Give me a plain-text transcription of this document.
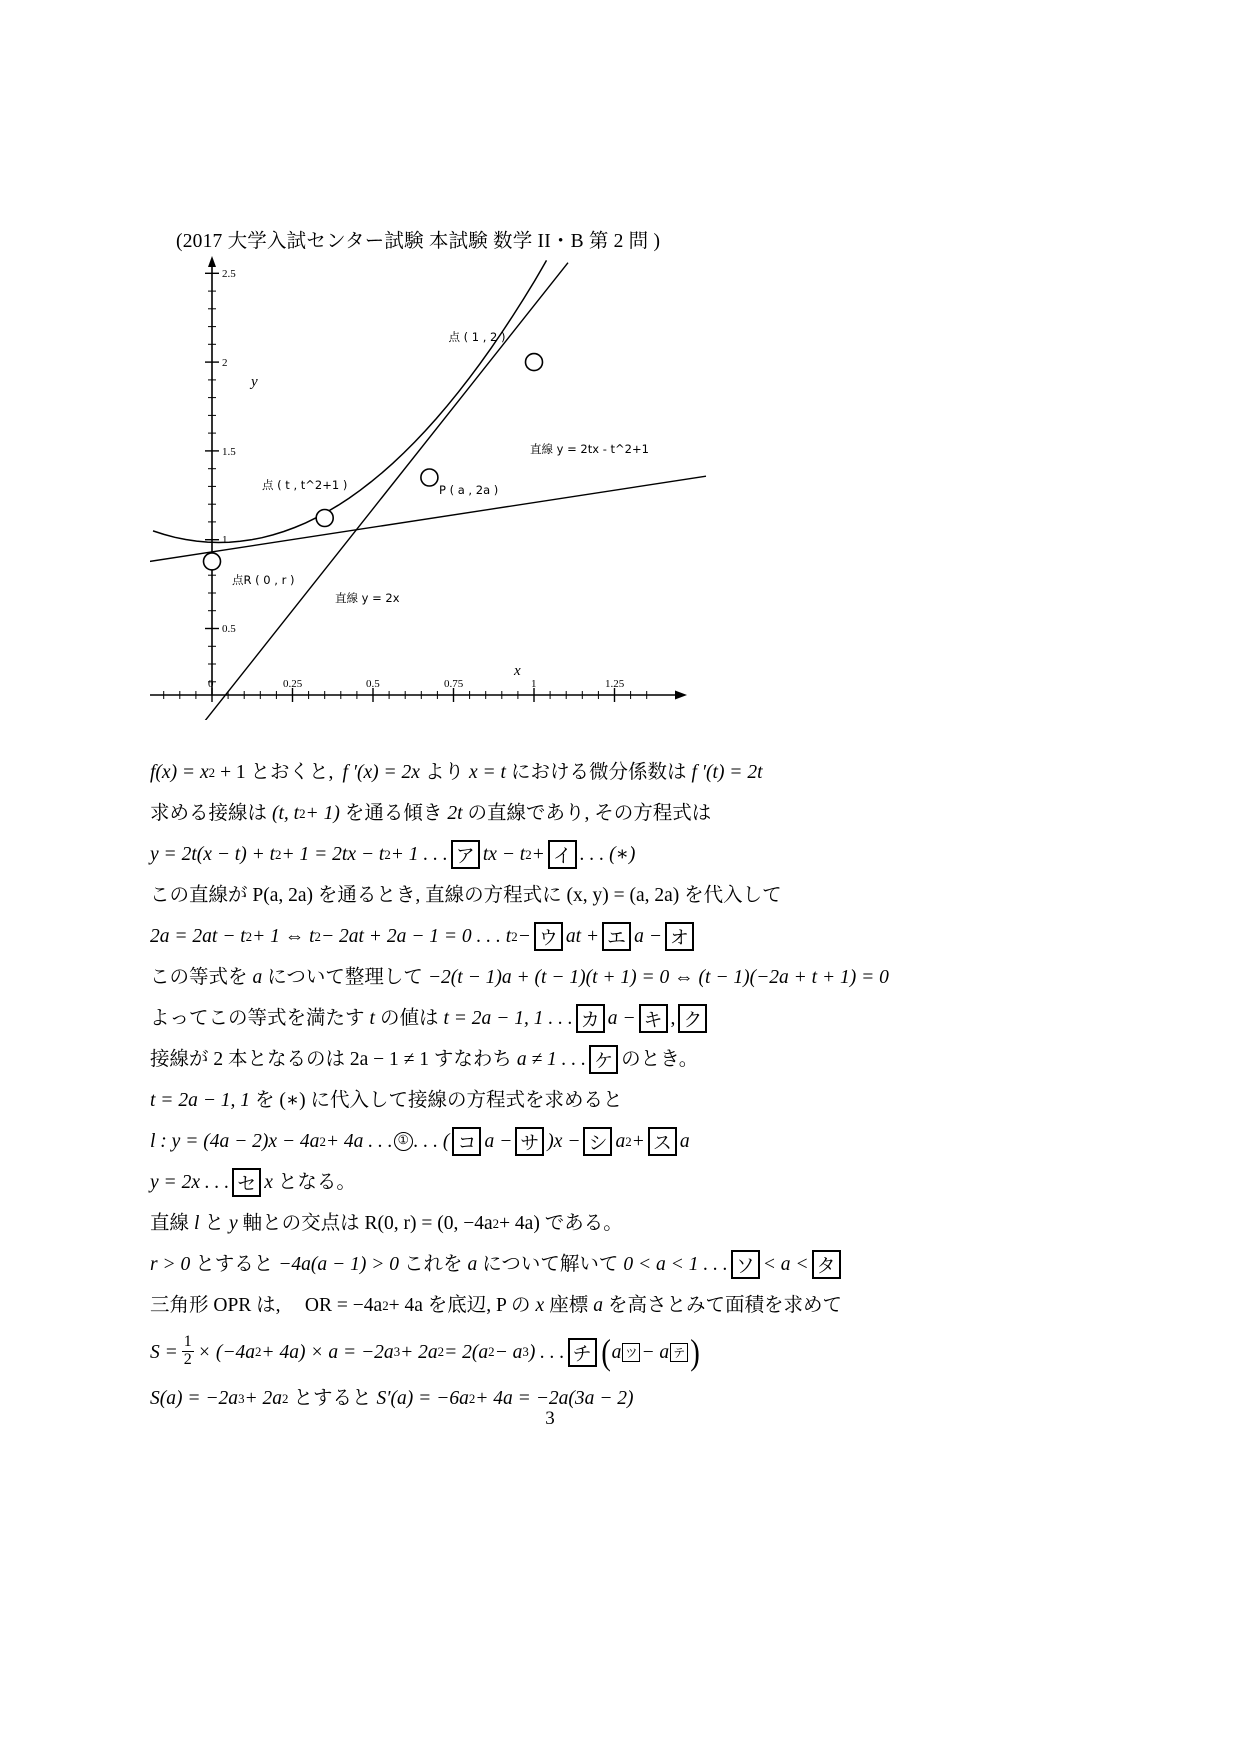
(2017 大学入試センター試験 本試験 数学 II・B 第 2 問 )
2.5
2
1.5
1
0.5
0	0.25	0.5	0.75	1	1.25
y
x
点 ( 1 , 2 )
点 ( t , t^2+1 )	P ( a , 2a )
点R ( 0 , r )
直線 y = 2tx - t^2+1
直線 y = 2x
f(x) = x 2 + 1 とおくと, f ′(x) = 2x より x = t における微分係数は f ′(t) = 2t
求める接線は (t, t 2 + 1) を通る傾き 2t の直線であり, その方程式は
y = 2t(x − t) + t 2 + 1 = 2tx − t 2 + 1 . . . ア tx − t 2 + イ . . . (∗)
この直線が P(a, 2a) を通るとき, 直線の方程式に (x, y) = (a, 2a) を代入して
2a = 2at − t 2 + 1 ⇔ t 2 − 2at + 2a − 1 = 0 . . . t 2 − ウ at + エ a − オ
この等式を a について整理して −2(t − 1)a + (t − 1)(t + 1) = 0 ⇔ (t − 1)(−2a + t + 1) = 0
よってこの等式を満たす t の値は t = 2a − 1, 1 . . . カ a − キ , ク
接線が 2 本となるのは 2a − 1 ≠ 1 すなわち a ≠ 1 . . . ケ のとき。
t = 2a − 1, 1 を (∗) に代入して接線の方程式を求めると
l : y = (4a − 2)x − 4a 2 + 4a . . . ① . . . ( コ a − サ )x − シ a 2 + ス a
y = 2x . . . セ x となる。
直線 l と y 軸との交点は R(0, r) = (0, −4a 2 + 4a) である。
r > 0 とすると −4a(a − 1) > 0 これを a について解いて 0 < a < 1 . . . ソ < a < タ
三角形 OPR は,　 OR = −4a 2 + 4a を底辺, P の x 座標 a を高さとみて面積を求めて
$S = \frac{1}{2} \times (-4a$ 2 + 4a) × a = −2a 3 + 2a 2 = 2(a 2 − a 3 ) . . . チ ( a ツ − a テ )
S(a) = −2a 3 + 2a 2 とすると S′(a) = −6a 2 + 4a = −2a(3a − 2)
3
